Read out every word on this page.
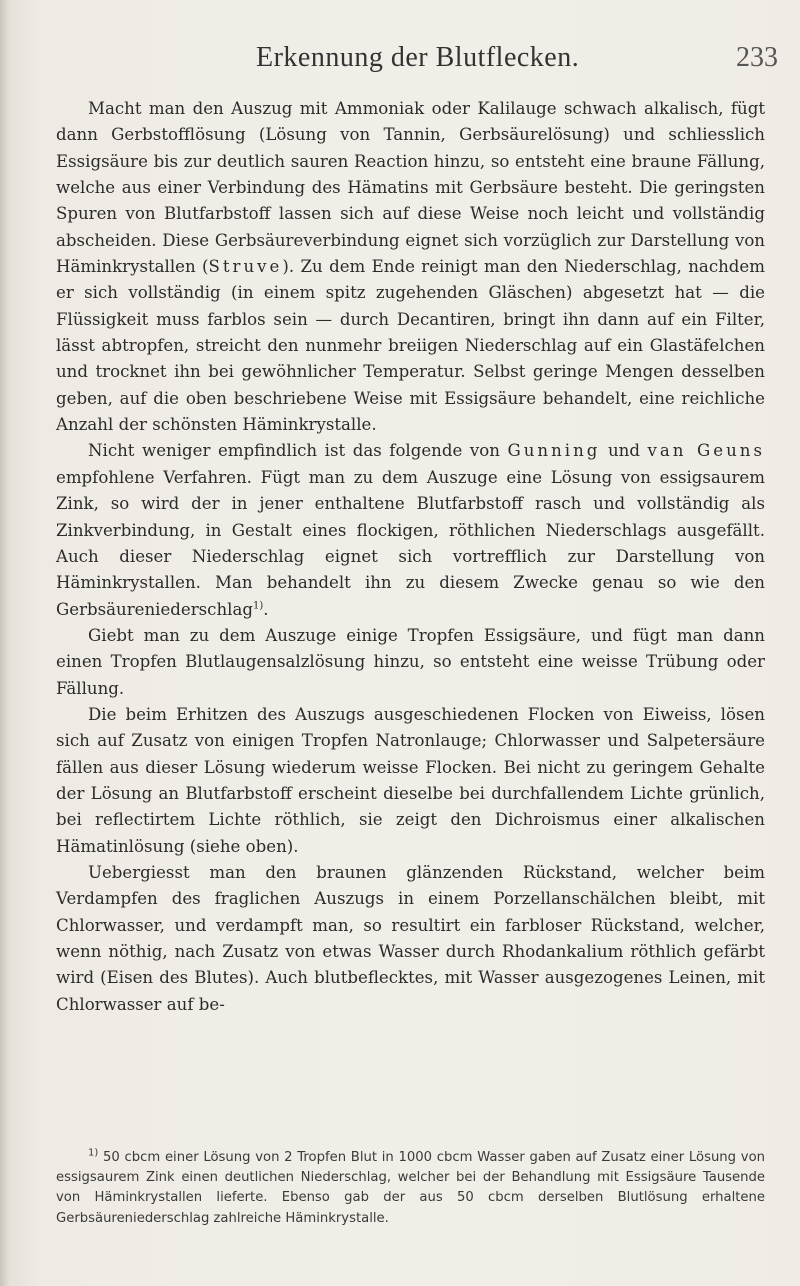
Erkennung der Blutflecken.	233

Macht man den Auszug mit Ammoniak oder Kalilauge schwach alkalisch, fügt dann Gerbstofflösung (Lösung von Tannin, Gerbsäurelösung) und schliesslich Essigsäure bis zur deutlich sauren Reaction hinzu, so entsteht eine braune Fällung, welche aus einer Verbindung des Hämatins mit Gerbsäure besteht. Die geringsten Spuren von Blutfarbstoff lassen sich auf diese Weise noch leicht und vollständig abscheiden. Diese Gerbsäureverbindung eignet sich vorzüglich zur Darstellung von Häminkrystallen (Struve). Zu dem Ende reinigt man den Niederschlag, nachdem er sich vollständig (in einem spitz zugehenden Gläschen) abgesetzt hat — die Flüssigkeit muss farblos sein — durch Decantiren, bringt ihn dann auf ein Filter, lässt abtropfen, streicht den nunmehr breiigen Niederschlag auf ein Glastäfelchen und trocknet ihn bei gewöhnlicher Temperatur. Selbst geringe Mengen desselben geben, auf die oben beschriebene Weise mit Essigsäure behandelt, eine reichliche Anzahl der schönsten Häminkrystalle.

Nicht weniger empfindlich ist das folgende von Gunning und van Geuns empfohlene Verfahren. Fügt man zu dem Auszuge eine Lösung von essigsaurem Zink, so wird der in jener enthaltene Blutfarbstoff rasch und vollständig als Zinkverbindung, in Gestalt eines flockigen, röthlichen Niederschlags ausgefällt. Auch dieser Niederschlag eignet sich vortrefflich zur Darstellung von Häminkrystallen. Man behandelt ihn zu diesem Zwecke genau so wie den Gerbsäureniederschlag$^{1)}$.

Giebt man zu dem Auszuge einige Tropfen Essigsäure, und fügt man dann einen Tropfen Blutlaugensalzlösung hinzu, so entsteht eine weisse Trübung oder Fällung.

Die beim Erhitzen des Auszugs ausgeschiedenen Flocken von Eiweiss, lösen sich auf Zusatz von einigen Tropfen Natronlauge; Chlorwasser und Salpetersäure fällen aus dieser Lösung wiederum weisse Flocken. Bei nicht zu geringem Gehalte der Lösung an Blutfarbstoff erscheint dieselbe bei durchfallendem Lichte grünlich, bei reflectirtem Lichte röthlich, sie zeigt den Dichroismus einer alkalischen Hämatinlösung (siehe oben).

Uebergiesst man den braunen glänzenden Rückstand, welcher beim Verdampfen des fraglichen Auszugs in einem Porzellanschälchen bleibt, mit Chlorwasser, und verdampft man, so resultirt ein farbloser Rückstand, welcher, wenn nöthig, nach Zusatz von etwas Wasser durch Rhodankalium röthlich gefärbt wird (Eisen des Blutes). Auch blutbeflecktes, mit Wasser ausgezogenes Leinen, mit Chlorwasser auf be-

$^{1)}$ 50 cbcm einer Lösung von 2 Tropfen Blut in 1000 cbcm Wasser gaben auf Zusatz einer Lösung von essigsaurem Zink einen deutlichen Niederschlag, welcher bei der Behandlung mit Essigsäure Tausende von Häminkrystallen lieferte. Ebenso gab der aus 50 cbcm derselben Blutlösung erhaltene Gerbsäureniederschlag zahlreiche Häminkrystalle.
